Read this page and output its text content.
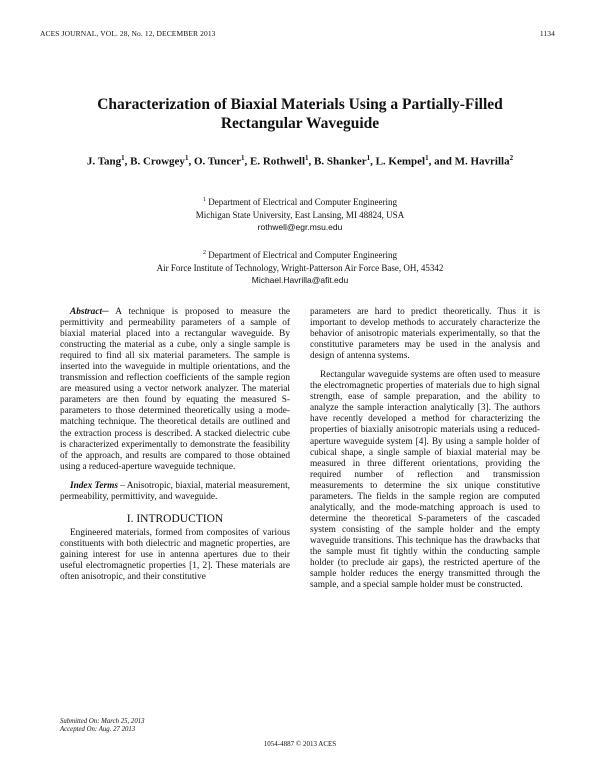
ACES JOURNAL, VOL. 28, No. 12, DECEMBER 2013	1134
Characterization of Biaxial Materials Using a Partially-Filled
Rectangular Waveguide
J. Tang$^1$, B. Crowgey$^1$, O. Tuncer$^1$, E. Rothwell$^1$, B. Shanker$^1$, L. Kempel$^1$, and M. Havrilla$^2$
$^1$ Department of Electrical and Computer Engineering
Michigan State University, East Lansing, MI 48824, USA
rothwell@egr.msu.edu
$^2$ Department of Electrical and Computer Engineering
Air Force Institute of Technology, Wright-Patterson Air Force Base, OH, 45342
Michael.Havrilla@afit.edu

Abstract─ A technique is proposed to measure the permittivity and permeability parameters of a sample of biaxial material placed into a rectangular waveguide. By constructing the material as a cube, only a single sample is required to find all six material parameters. The sample is inserted into the waveguide in multiple orientations, and the transmission and reflection coefficients of the sample region are measured using a vector network analyzer. The material parameters are then found by equating the measured S-parameters to those determined theoretically using a mode-matching technique. The theoretical details are outlined and the extraction process is described. A stacked dielectric cube is characterized experimentally to demonstrate the feasibility of the approach, and results are compared to those obtained using a reduced-aperture waveguide technique.

Index Terms – Anisotropic, biaxial, material measurement, permeability, permittivity, and waveguide.

I. INTRODUCTION

Engineered materials, formed from composites of various constituents with both dielectric and magnetic properties, are gaining interest for use in antenna apertures due to their useful electromagnetic properties [1, 2]. These materials are often anisotropic, and their constitutive

parameters are hard to predict theoretically. Thus it is important to develop methods to accurately characterize the behavior of anisotropic materials experimentally, so that the constitutive parameters may be used in the analysis and design of antenna systems.

Rectangular waveguide systems are often used to measure the electromagnetic properties of materials due to high signal strength, ease of sample preparation, and the ability to analyze the sample interaction analytically [3]. The authors have recently developed a method for characterizing the properties of biaxially anisotropic materials using a reduced-aperture waveguide system [4]. By using a sample holder of cubical shape, a single sample of biaxial material may be measured in three different orientations, providing the required number of reflection and transmission measurements to determine the six unique constitutive parameters. The fields in the sample region are computed analytically, and the mode-matching approach is used to determine the theoretical S-parameters of the cascaded system consisting of the sample holder and the empty waveguide transitions. This technique has the drawbacks that the sample must fit tightly within the conducting sample holder (to preclude air gaps), the restricted aperture of the sample holder reduces the energy transmitted through the sample, and a special sample holder must be constructed.

Submitted On: March 25, 2013
Accepted On: Aug. 27 2013
1054-4887 © 2013 ACES
